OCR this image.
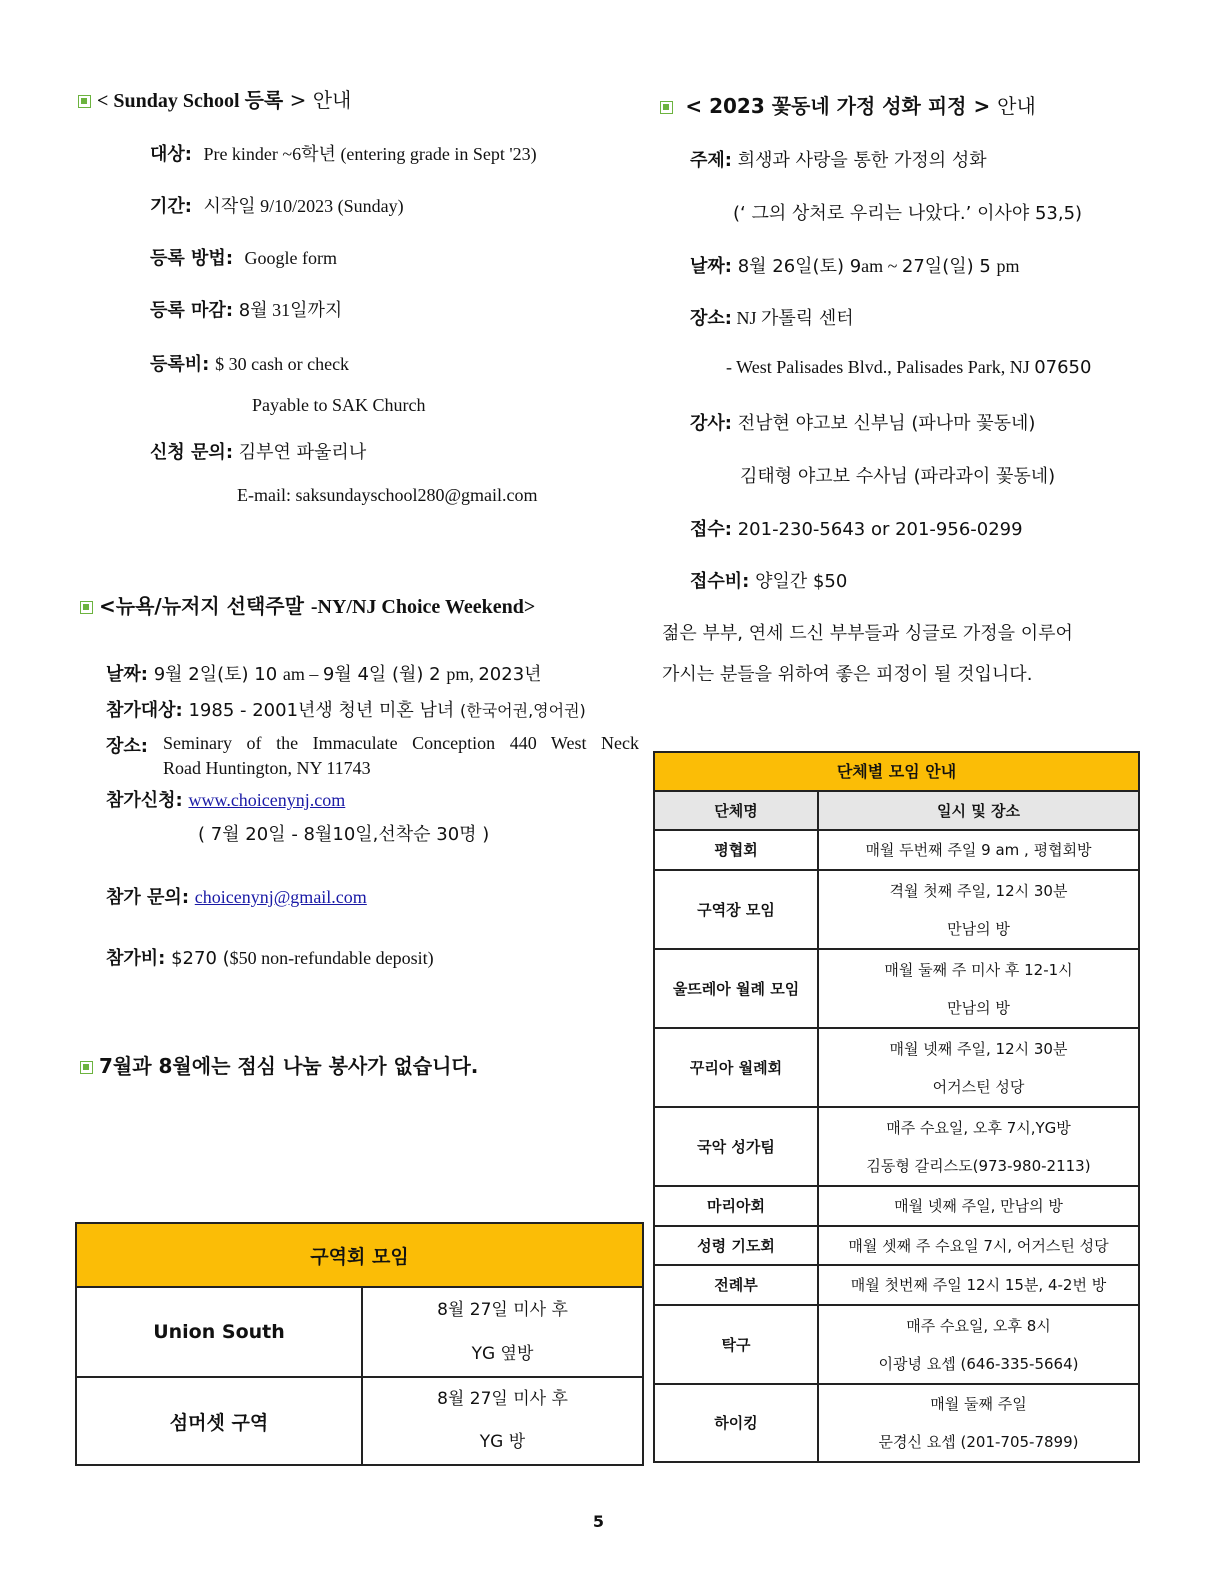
< Sunday School 등록 > 안내
대상: Pre kinder ~6학년 (entering grade in Sept '23)
기간: 시작일 9/10/2023 (Sunday)
등록 방법: Google form
등록 마감: 8월 31일까지
등록비: $ 30 cash or check
Payable to SAK Church
신청 문의: 김부연 파울리나
E-mail: saksundayschool280@gmail.com
<뉴욕/뉴저지 선택주말 -NY/NJ Choice Weekend>
날짜: 9월 2일(토) 10 am – 9월 4일 (월) 2 pm, 2023년
참가대상: 1985 - 2001년생 청년 미혼 남녀 (한국어권,영어권)
장소: Seminary of the Immaculate Conception 440 West Neck
Road Huntington, NY 11743
참가신청: www.choicenynj.com
( 7월 20일 - 8월10일,선착순 30명 )
참가 문의: choicenynj@gmail.com
참가비: $270 ($50 non-refundable deposit)
7월과 8월에는 점심 나눔 봉사가 없습니다.
< 2023 꽃동네 가정 성화 피정 > 안내
주제: 희생과 사랑을 통한 가정의 성화
(‘ 그의 상처로 우리는 나았다.’ 이사야 53,5)
날짜: 8월 26일(토) 9am ~ 27일(일) 5 pm
장소: NJ 가톨릭 센터
- West Palisades Blvd., Palisades Park, NJ 07650
강사: 전남현 야고보 신부님 (파나마 꽃동네)
김태형 야고보 수사님 (파라과이 꽃동네)
접수: 201-230-5643 or 201-956-0299
접수비: 양일간 $50
젊은 부부, 연세 드신 부부들과 싱글로 가정을 이루어
가시는 분들을 위하여 좋은 피정이 될 것입니다.
구역회 모임	
Union South	8월 27일 미사 후
YG 옆방

섬머셋 구역	8월 27일 미사 후
YG 방
단체별 모임 안내	
단체명	일시 및 장소
평협회	매월 두번째 주일 9 am , 평협회방
구역장 모임	격월 첫째 주일, 12시 30분
만남의 방

울뜨레아 월례 모임	매월 둘째 주 미사 후 12-1시
만남의 방

꾸리아 월례회	매월 넷째 주일, 12시 30분
어거스틴 성당

국악 성가팀	매주 수요일, 오후 7시,YG방
김동형 갈리스도(973-980-2113)

마리아회	매월 넷째 주일, 만남의 방
성령 기도회	매월 셋째 주 수요일 7시, 어거스틴 성당
전례부	매월 첫번째 주일 12시 15분, 4-2번 방
탁구	매주 수요일, 오후 8시
이광녕 요셉 (646-335-5664)

하이킹	매월 둘째 주일
문경신 요셉 (201-705-7899)
5
